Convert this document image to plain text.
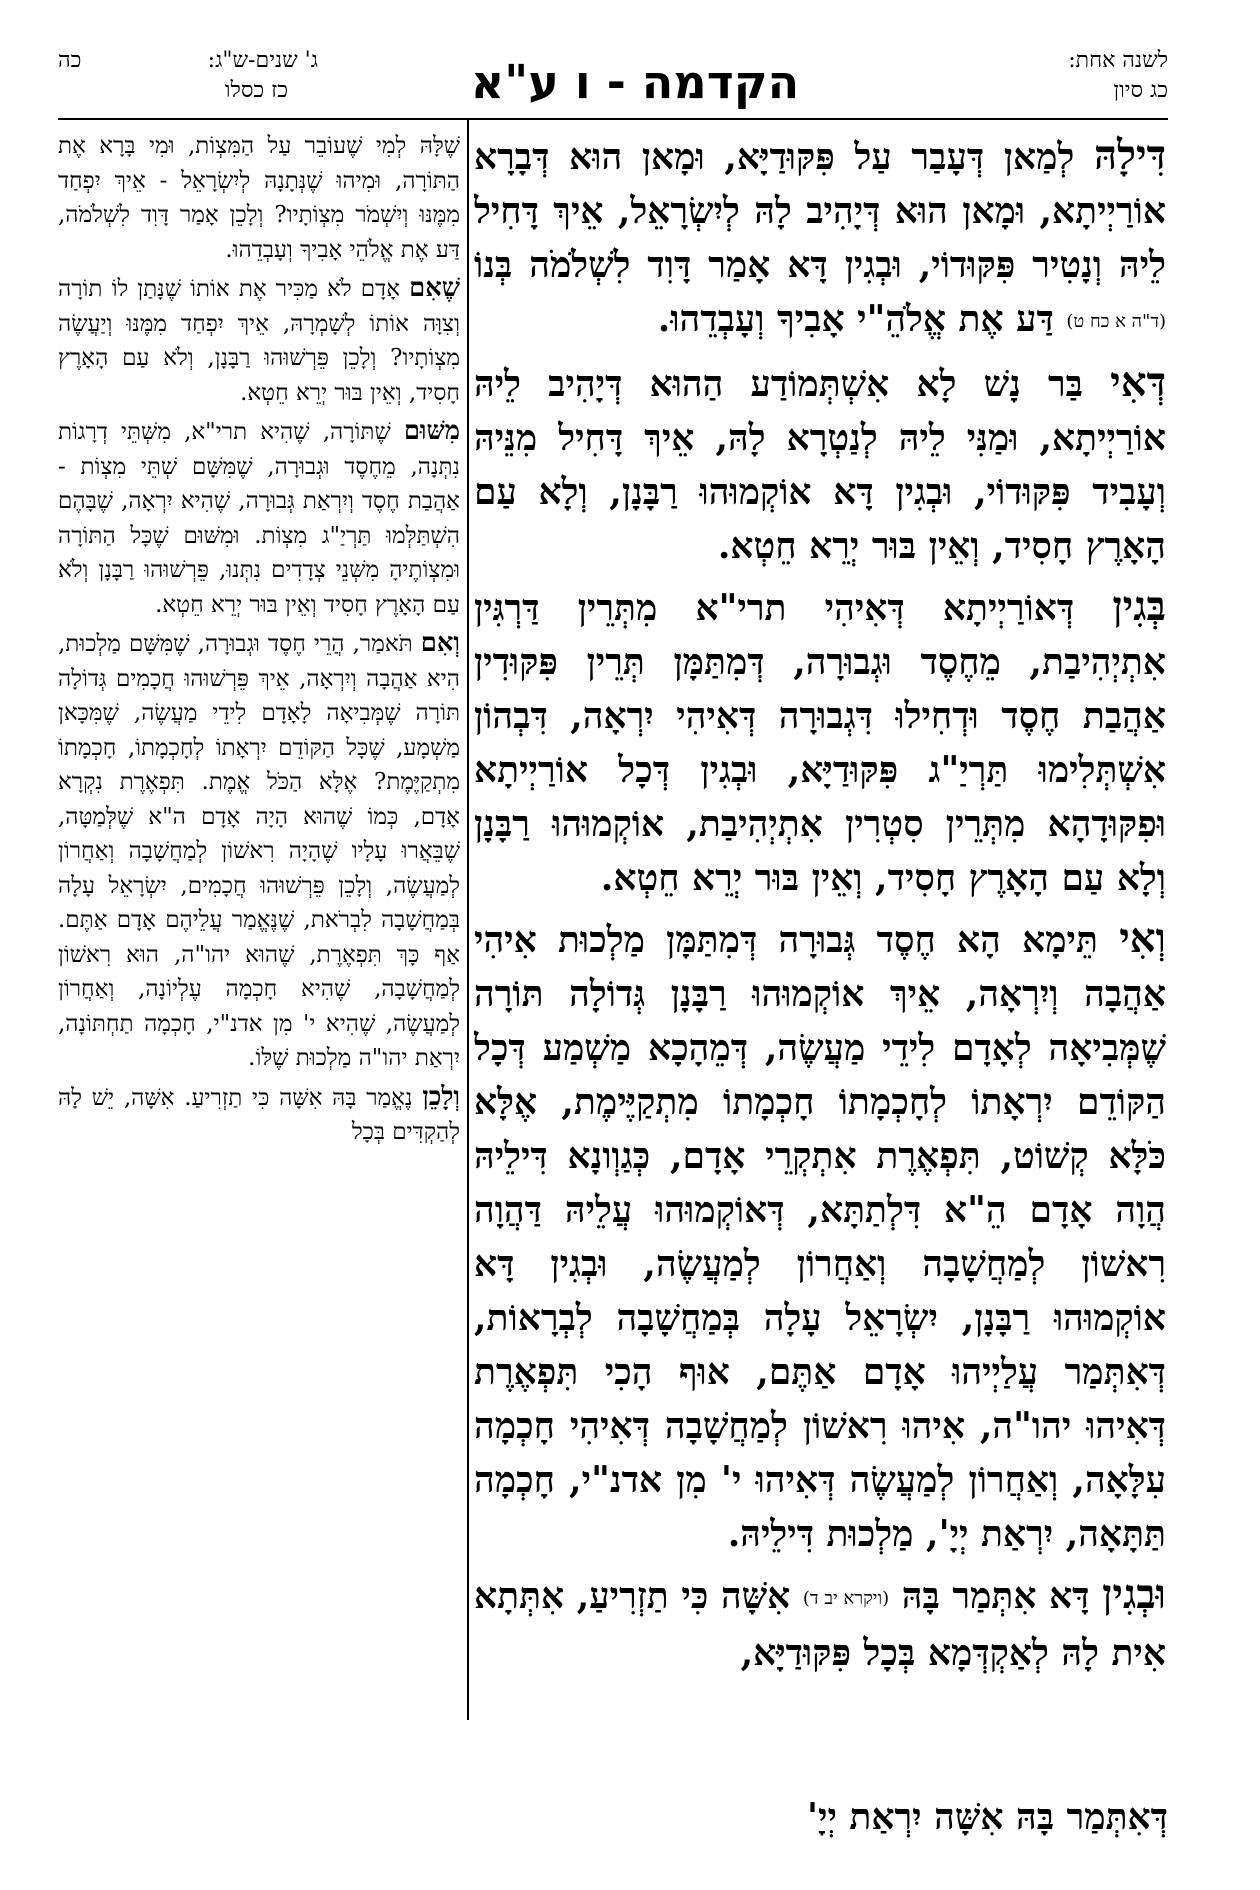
לשנה אחת:
כג סיון
הקדמה - ו ע"א
כה	ג' שנים-ש"ג:
כז כסלו

דִּילָהּ לְמַאן דְּעָבַר עַל פִּקּוּדַיָּא, וּמָאן הוּא דְּבָרָא אוֹרַיְיתָא, וּמָאן הוּא דְּיָהִיב לָהּ לְיִשְׂרָאֵל, אֵיךְ דָּחִיל לֵיהּ וְנָטִיר פִּקּוּדוֹי, וּבְגִין דָּא אָמַר דָּוִד לִשְׁלֹמֹה בְּנוֹ (ד"ה א כח ט) דַּע אֶת אֱלֹהֵ"י אָבִיךָ וְעָבְדֵהוּ.

דְּאִי בַּר נָשׁ לָא אִשְׁתְּמוֹדַע הַהוּא דְּיָהִיב לֵיהּ אוֹרַיְיתָא, וּמַנִּי לֵיהּ לְנַטְרָא לָהּ, אֵיךְ דָּחִיל מִנֵּיהּ וְעָבִיד פִּקּוּדוֹי, וּבְגִין דָּא אוֹקְמוּהוּ רַבָּנָן, וְלָא עַם הָאָרֶץ חָסִיד, וְאֵין בּוּר יְרֵא חֵטְא.

בְּגִין דְּאוֹרַיְיתָא דְּאִיהִי תרי"א מִתְּרֵין דַּרְגִּין אִתְיְהִיבַת, מֵחֶסֶד וּגְבוּרָה, דְּמִתַּמָּן תְּרֵין פִּקּוּדִין אַהֲבַת חֶסֶד וּדְחִילוּ דִּגְבוּרָה דְּאִיהִי יִרְאָה, דִּבְהוֹן אִשְׁתְּלִימוּ תַּרְיַ"ג פִּקּוּדַיָּא, וּבְגִין דְּכָל אוֹרַיְיתָא וּפִקּוּדָהָא מִתְּרֵין סִטְרִין אִתְיְהִיבַת, אוֹקְמוּהוּ רַבָּנָן וְלָא עַם הָאָרֶץ חָסִיד, וְאֵין בּוּר יְרֵא חֵטְא.

וְאִי תֵּימָא הָא חֶסֶד גְּבוּרָה דְּמִתַּמָּן מַלְכוּת אִיהִי אַהֲבָה וְיִרְאָה, אֵיךְ אוֹקְמוּהוּ רַבָּנָן גְּדוֹלָה תּוֹרָה שֶׁמְּבִיאָה לְאָדָם לִידֵי מַעֲשֶׂה, דְּמֵהָכָא מַשְׁמַע דְּכָל הַקּוֹדֵם יִרְאָתוֹ לְחָכְמָתוֹ חָכְמָתוֹ מִתְקַיֶּימֶת, אֶלָּא כֹּלָּא קְשׁוֹט, תִּפְאֶרֶת אִתְקְרֵי אָדָם, כְּגַוְונָא דִּילֵיהּ הֲוָה אָדָם הֵ"א דִּלְתַתָּא, דְּאוֹקְמוּהוּ עֲלֵיהּ דַּהֲוָה רִאשׁוֹן לְמַחֲשָׁבָה וְאַחֲרוֹן לְמַעֲשֶׂה, וּבְגִין דָּא אוֹקְמוּהוּ רַבָּנָן, יִשְׂרָאֵל עָלָה בְּמַחֲשָׁבָה לְבְרָאוֹת, דְּאִתְּמַר עֲלַיְיהוּ אָדָם אַתֶּם, אוּף הָכִי תִּפְאֶרֶת דְּאִיהוּ יהו"ה, אִיהוּ רִאשׁוֹן לְמַחֲשָׁבָה דְּאִיהִי חָכְמָה עִלָּאָה, וְאַחֲרוֹן לְמַעֲשֶׂה דְּאִיהוּ י' מִן אדנ"י, חָכְמָה תַּתָּאָה, יִרְאַת יְיָ', מַלְכוּת דִּילֵיהּ.

וּבְגִין דָּא אִתְּמַר בָּהּ (ויקרא יב ד) אִשָּׁה כִּי תַזְרִיעַ, אִתְּתָא אִית לָהּ לְאַקְדְּמָא בְּכָל פִּקּוּדַיָּא,

שֶׁלָּהּ לְמִי שֶׁעוֹבֵר עַל הַמִּצְוֹת, וּמִי בָּרָא אֶת הַתּוֹרָה, וּמִיהוּ שֶׁנְּתָנָהּ לְיִשְׂרָאֵל - אֵיךְ יִפְחַד מִמֶּנּוּ וְיִשְׁמֹר מִצְוֹתָיו? וְלָכֵן אָמַר דָּוִד לִשְׁלֹמֹה, דַּע אֶת אֱלֹהֵי אָבִיךָ וְעָבְדֵהוּ.

שֶׁאִם אָדָם לֹא מַכִּיר אֶת אוֹתוֹ שֶׁנָּתַן לוֹ תוֹרָה וְצִוָּה אוֹתוֹ לְשָׁמְרָהּ, אֵיךְ יִפְחַד מִמֶּנּוּ וְיַעֲשֶׂה מִצְוֹתָיו? וְלָכֵן פֵּרְשׁוּהוּ רַבָּנָן, וְלֹא עַם הָאָרֶץ חָסִיד, וְאֵין בּוּר יְרֵא חֵטְא.

מִשּׁוּם שֶׁתּוֹרָה, שֶׁהִיא תרי"א, מִשְּׁתֵּי דְרָגוֹת נִתְּנָה, מֵחֶסֶד וּגְבוּרָה, שֶׁמִּשָּׁם שְׁתֵּי מִצְוֹת - אַהֲבַת חֶסֶד וְיִרְאַת גְּבוּרָה, שֶׁהִיא יִרְאָה, שֶׁבָּהֶם הִשְׁתַּלְּמוּ תַּרְיַ"ג מִצְוֹת. וּמִשּׁוּם שֶׁכָּל הַתּוֹרָה וּמִצְוֹתֶיהָ מִשְּׁנֵי צְדָדִים נִתְּנוּ, פֵּרְשׁוּהוּ רַבָּנָן וְלֹא עַם הָאָרֶץ חָסִיד וְאֵין בּוּר יְרֵא חֵטְא.

וְאִם תֹּאמַר, הֲרֵי חֶסֶד וּגְבוּרָה, שֶׁמִּשָּׁם מַלְכוּת, הִיא אַהֲבָה וְיִרְאָה, אֵיךְ פֵּרְשׁוּהוּ חֲכָמִים גְּדוֹלָה תּוֹרָה שֶׁמְּבִיאָה לָאָדָם לִידֵי מַעֲשֶׂה, שֶׁמִּכָּאן מַשְׁמָע, שֶׁכָּל הַקּוֹדֵם יִרְאָתוֹ לְחָכְמָתוֹ, חָכְמָתוֹ מִתְקַיֶּמֶת? אֶלָּא הַכֹּל אֱמֶת. תִּפְאֶרֶת נִקְרָא אָדָם, כְּמוֹ שֶׁהוּא הָיָה אָדָם ה"א שֶׁלְּמַטָּה, שֶׁבֵּאֲרוּ עָלָיו שֶׁהָיָה רִאשׁוֹן לְמַחֲשָׁבָה וְאַחֲרוֹן לְמַעֲשֶׂה, וְלָכֵן פֵּרְשׁוּהוּ חֲכָמִים, יִשְׂרָאֵל עָלָה בְּמַחֲשָׁבָה לִבְרֹאת, שֶׁנֶּאֱמַר עֲלֵיהֶם אָדָם אַתֶּם. אַף כָּךְ תִּפְאֶרֶת, שֶׁהוּא יהו"ה, הוּא רִאשׁוֹן לְמַחֲשָׁבָה, שֶׁהִיא חָכְמָה עֶלְיוֹנָה, וְאַחֲרוֹן לְמַעֲשֶׂה, שֶׁהִיא י' מִן אדנ"י, חָכְמָה תַחְתּוֹנָה, יִרְאַת יהו"ה מַלְכוּת שֶׁלּוֹ.

וְלָכֵן נֶאֱמַר בָּהּ אִשָּׁה כִּי תַזְרִיעַ. אִשָּׁה, יֵשׁ לָהּ לְהַקְדִּים בְּכָל

דְּאִתְּמַר בָּהּ אִשָּׁה יִרְאַת יְיָ'
